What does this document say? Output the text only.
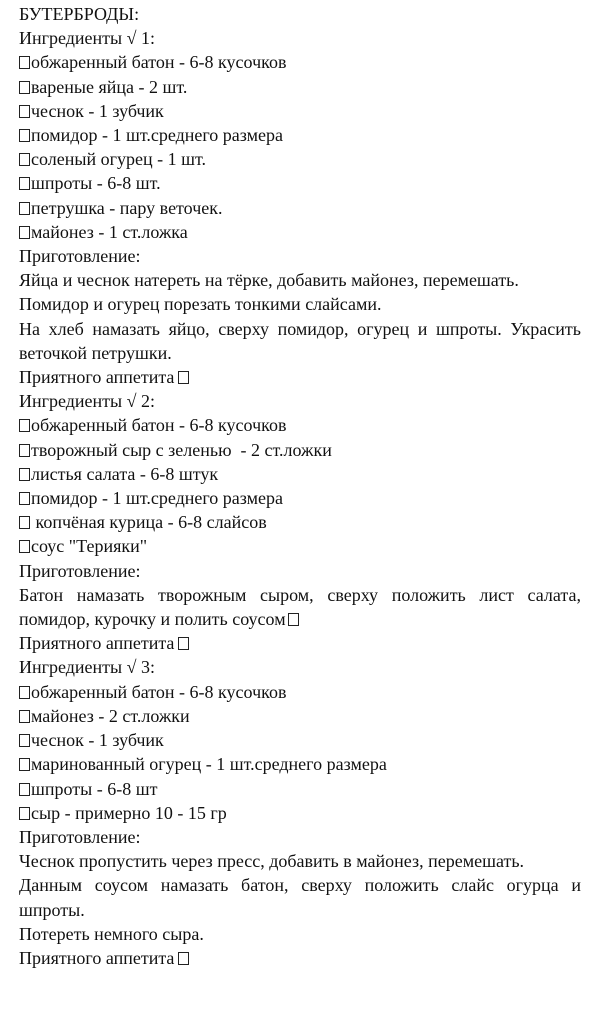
БУТЕРБРОДЫ:
Ингредиенты √ 1:
обжаренный батон - 6-8 кусочков
вареные яйца - 2 шт.
чеснок - 1 зубчик
помидор - 1 шт.среднего размера
соленый огурец - 1 шт.
шпроты - 6-8 шт.
петрушка - пару веточек.
майонез - 1 ст.ложка
Приготовление:

Яйца и чеснок натереть на тёрке, добавить майонез, перемешать.

Помидор и огурец порезать тонкими слайсами.

На хлеб намазать яйцо, сверху помидор, огурец и шпроты. Украсить веточкой петрушки.

Приятного аппетита
Ингредиенты √ 2:
обжаренный батон - 6-8 кусочков
творожный сыр с зеленью  - 2 ст.ложки
листья салата - 6-8 штук
помидор - 1 шт.среднего размера
копчёная курица - 6-8 слайсов
соус "Терияки"
Приготовление:

Батон намазать творожным сыром, сверху положить лист салата, помидор, курочку и полить соусом

Приятного аппетита
Ингредиенты √ 3:
обжаренный батон - 6-8 кусочков
майонез - 2 ст.ложки
чеснок - 1 зубчик
маринованный огурец - 1 шт.среднего размера
шпроты - 6-8 шт
сыр - примерно 10 - 15 гр
Приготовление:

Чеснок пропустить через пресс, добавить в майонез, перемешать.

Данным соусом намазать батон, сверху положить слайс огурца и шпроты.

Потереть немного сыра.

Приятного аппетита
